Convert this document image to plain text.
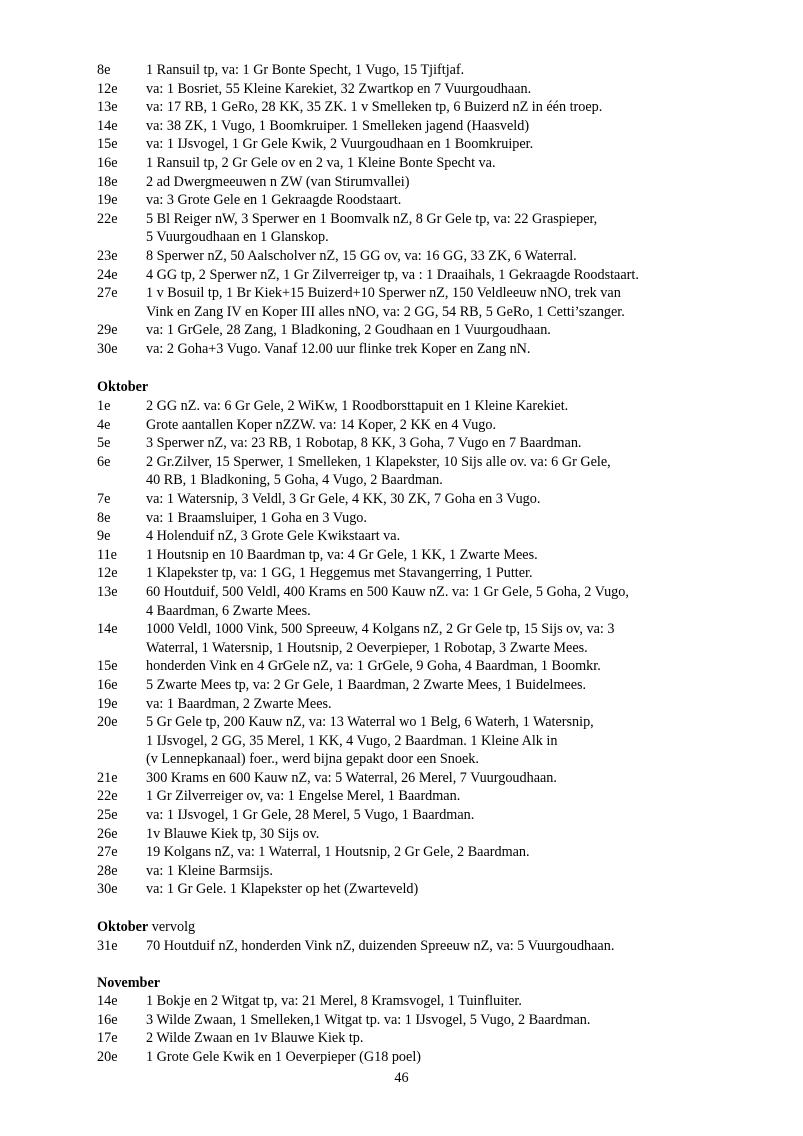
8e	1 Ransuil tp, va: 1 Gr Bonte Specht, 1 Vugo, 15 Tjiftjaf.
12e	va: 1 Bosriet, 55 Kleine Karekiet, 32 Zwartkop en 7 Vuurgoudhaan.
13e	va: 17 RB, 1 GeRo, 28 KK, 35 ZK. 1 v Smelleken tp, 6 Buizerd nZ in één troep.
14e	va: 38 ZK, 1 Vugo, 1 Boomkruiper. 1 Smelleken jagend (Haasveld)
15e	va: 1 IJsvogel, 1 Gr Gele Kwik, 2 Vuurgoudhaan en 1 Boomkruiper.
16e	1 Ransuil tp, 2 Gr Gele ov en 2 va, 1 Kleine Bonte Specht va.
18e	2 ad Dwergmeeuwen n ZW (van Stirumvallei)
19e	va: 3 Grote Gele en 1 Gekraagde Roodstaart.
22e	5 Bl Reiger nW, 3 Sperwer en 1 Boomvalk nZ, 8 Gr Gele tp, va: 22 Graspieper,
5 Vuurgoudhaan en 1 Glanskop.
23e	8 Sperwer nZ, 50 Aalscholver nZ, 15 GG ov, va: 16 GG, 33 ZK, 6 Waterral.
24e	4 GG tp, 2 Sperwer nZ, 1 Gr Zilverreiger tp, va : 1 Draaihals, 1 Gekraagde Roodstaart.
27e	1 v Bosuil tp, 1 Br Kiek+15 Buizerd+10 Sperwer nZ, 150 Veldleeuw nNO, trek van
Vink en Zang IV en Koper III alles nNO, va: 2 GG, 54 RB, 5 GeRo, 1 Cetti’szanger.
29e	va: 1 GrGele, 28 Zang, 1 Bladkoning, 2 Goudhaan en 1 Vuurgoudhaan.
30e	va: 2 Goha+3 Vugo. Vanaf 12.00 uur flinke trek Koper en Zang nN.
Oktober
1e	2 GG nZ. va: 6 Gr Gele, 2 WiKw, 1 Roodborsttapuit en 1 Kleine Karekiet.
4e	Grote aantallen Koper nZZW. va: 14 Koper, 2 KK en 4 Vugo.
5e	3 Sperwer nZ, va: 23 RB, 1 Robotap, 8 KK, 3 Goha, 7 Vugo en 7 Baardman.
6e	2 Gr.Zilver, 15 Sperwer, 1 Smelleken, 1 Klapekster, 10 Sijs alle ov. va: 6 Gr Gele,
40 RB, 1 Bladkoning, 5 Goha, 4 Vugo, 2 Baardman.
7e	va: 1 Watersnip, 3 Veldl, 3 Gr Gele, 4 KK, 30 ZK, 7 Goha en 3 Vugo.
8e	va: 1 Braamsluiper, 1 Goha en 3 Vugo.
9e	4 Holenduif nZ, 3 Grote Gele Kwikstaart va.
11e	1 Houtsnip en 10 Baardman tp, va: 4 Gr Gele, 1 KK, 1 Zwarte Mees.
12e	1 Klapekster tp, va: 1 GG, 1 Heggemus met Stavangerring, 1 Putter.
13e	60 Houtduif, 500 Veldl, 400 Krams en 500 Kauw nZ. va: 1 Gr Gele, 5 Goha, 2 Vugo,
4 Baardman, 6 Zwarte Mees.
14e	1000 Veldl, 1000 Vink, 500 Spreeuw, 4 Kolgans nZ, 2 Gr Gele tp, 15 Sijs ov, va: 3
Waterral, 1 Watersnip, 1 Houtsnip, 2 Oeverpieper, 1 Robotap, 3 Zwarte Mees.
15e	honderden Vink en 4 GrGele nZ, va: 1 GrGele, 9 Goha, 4 Baardman, 1 Boomkr.
16e	5 Zwarte Mees tp, va: 2 Gr Gele, 1 Baardman, 2 Zwarte Mees, 1 Buidelmees.
19e	va: 1 Baardman, 2 Zwarte Mees.
20e	5 Gr Gele tp, 200 Kauw nZ, va: 13 Waterral wo 1 Belg, 6 Waterh, 1 Watersnip,
1 IJsvogel, 2 GG, 35 Merel, 1 KK, 4 Vugo, 2 Baardman. 1 Kleine Alk in
(v Lennepkanaal) foer., werd bijna gepakt door een Snoek.
21e	300 Krams en 600 Kauw nZ, va: 5 Waterral, 26 Merel, 7 Vuurgoudhaan.
22e	1 Gr Zilverreiger ov, va: 1 Engelse Merel, 1 Baardman.
25e	va: 1 IJsvogel, 1 Gr Gele, 28 Merel, 5 Vugo, 1 Baardman.
26e	1v Blauwe Kiek tp, 30 Sijs ov.
27e	19 Kolgans nZ, va: 1 Waterral, 1 Houtsnip, 2 Gr Gele, 2 Baardman.
28e	va: 1 Kleine Barmsijs.
30e	va: 1 Gr Gele. 1 Klapekster op het (Zwarteveld)
Oktober vervolg
31e	70 Houtduif nZ, honderden Vink nZ, duizenden Spreeuw nZ, va: 5 Vuurgoudhaan.
November
14e	1 Bokje en 2 Witgat tp, va: 21 Merel, 8 Kramsvogel, 1 Tuinfluiter.
16e	3 Wilde Zwaan, 1 Smelleken,1 Witgat tp. va: 1 IJsvogel, 5 Vugo, 2 Baardman.
17e	2 Wilde Zwaan en 1v Blauwe Kiek tp.
20e	1 Grote Gele Kwik en 1 Oeverpieper (G18 poel)
46
